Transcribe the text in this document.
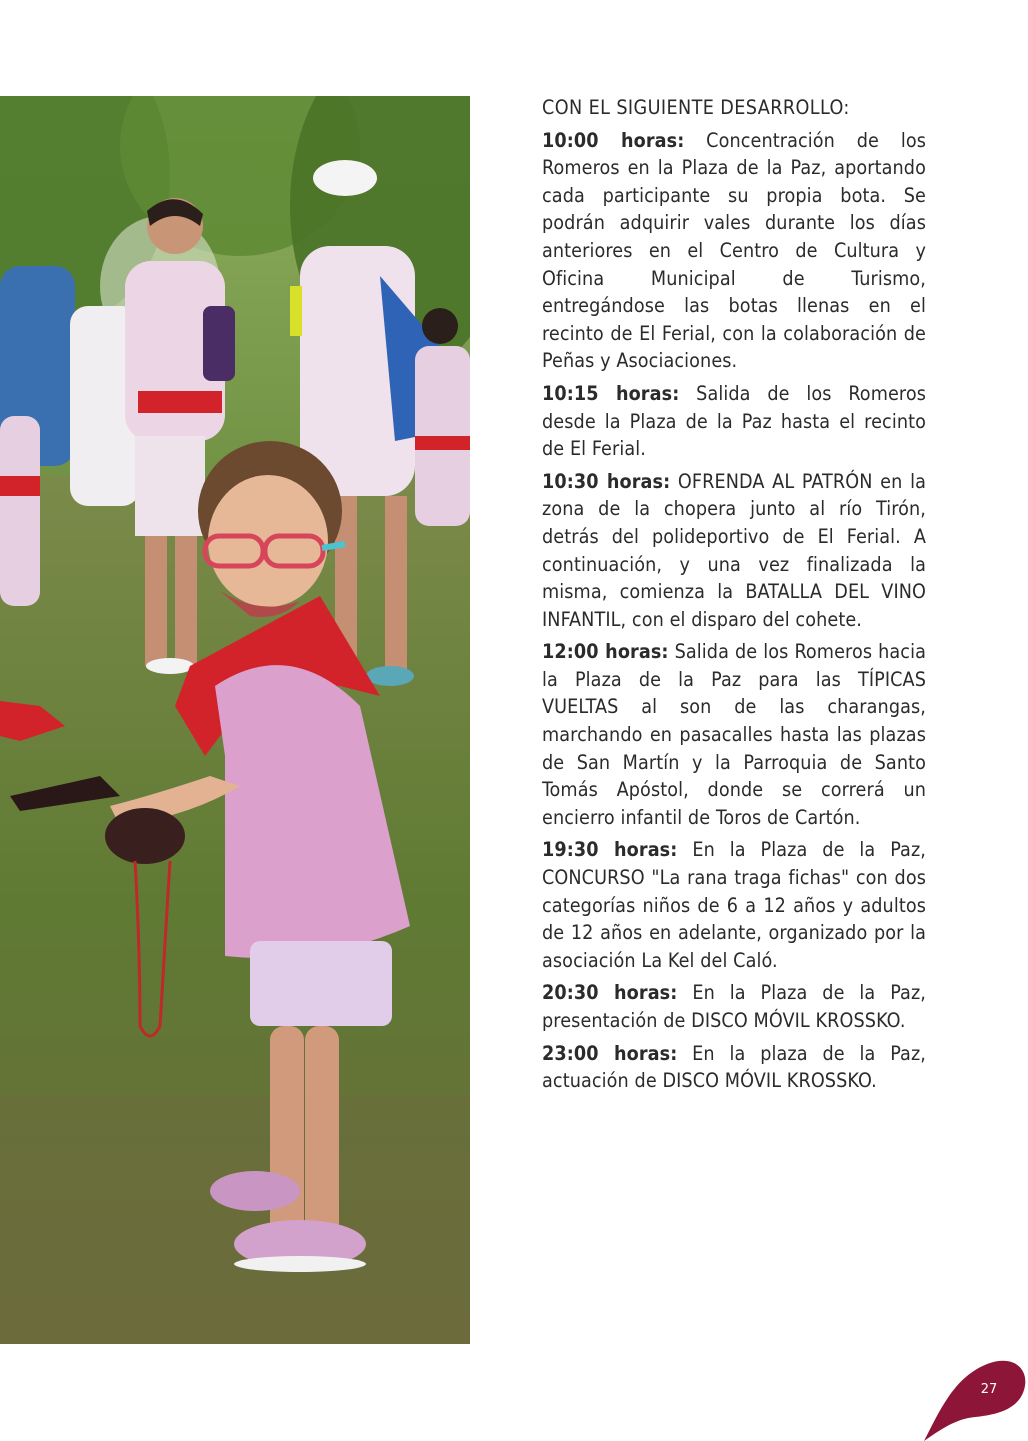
CON EL SIGUIENTE DESARROLLO:

10:00 horas: Concentración de los Romeros en la Plaza de la Paz, aportando cada participante su propia bota. Se podrán adquirir vales durante los días anteriores en el Centro de Cultura y Oficina Municipal de Turismo, entregándose las botas llenas en el recinto de El Ferial, con la colaboración de Peñas y Asociaciones.

10:15 horas: Salida de los Romeros desde la Plaza de la Paz hasta el recinto de El Ferial.

10:30 horas: OFRENDA AL PATRÓN en la zona de la chopera junto al río Tirón, detrás del polideportivo de El Ferial. A continuación, y una vez finalizada la misma, comienza la BATALLA DEL VINO INFANTIL, con el disparo del cohete.

12:00 horas: Salida de los Romeros hacia la Plaza de la Paz para las TÍPICAS VUELTAS al son de las charangas, marchando en pasacalles hasta las plazas de San Martín y la Parroquia de Santo Tomás Apóstol, donde se correrá un encierro infantil de Toros de Cartón.

19:30 horas: En la Plaza de la Paz, CONCURSO "La rana traga fichas" con dos categorías niños de 6 a 12 años y adultos de 12 años en adelante, organizado por la asociación La Kel del Caló.

20:30 horas: En la Plaza de la Paz, presentación de DISCO MÓVIL KROSSKO.

23:00 horas: En la plaza de la Paz, actuación de DISCO MÓVIL KROSSKO.

27
